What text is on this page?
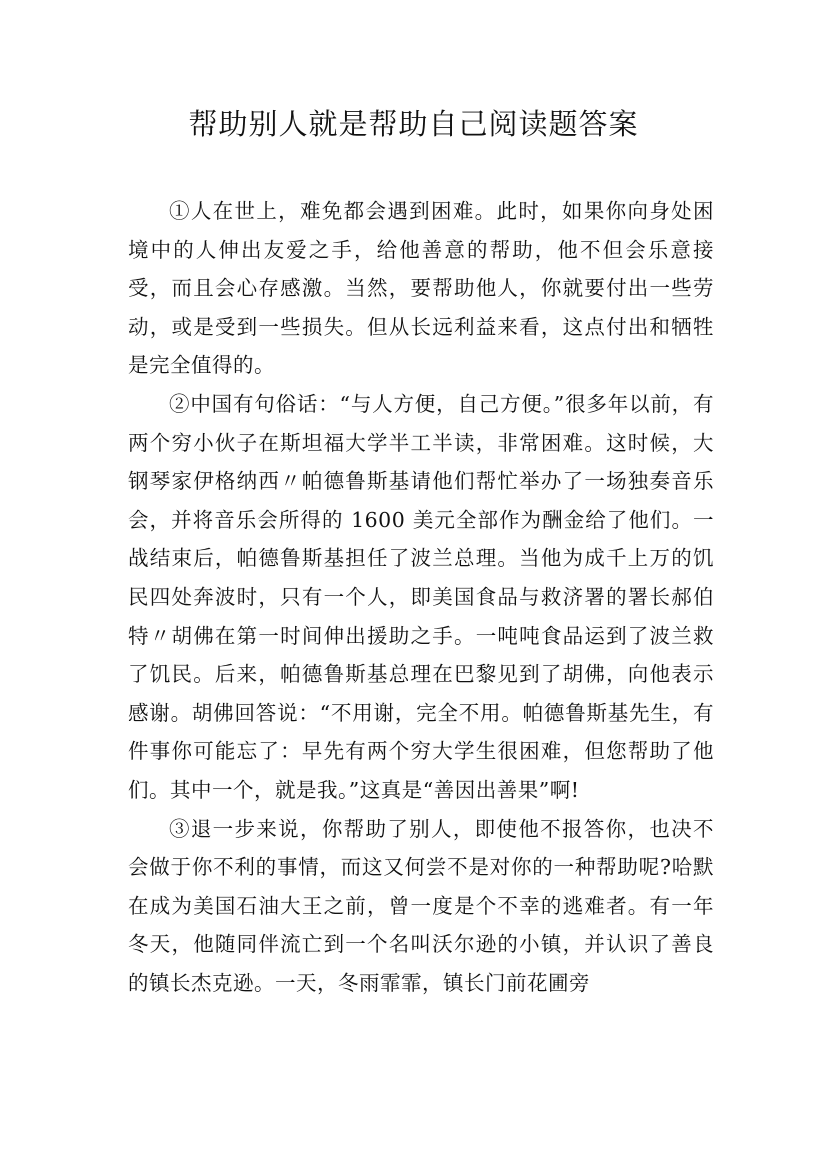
帮助别人就是帮助自己阅读题答案

①人在世上，难免都会遇到困难。此时，如果你向身处困境中的人伸出友爱之手，给他善意的帮助，他不但会乐意接受，而且会心存感激。当然，要帮助他人，你就要付出一些劳动，或是受到一些损失。但从长远利益来看，这点付出和牺牲是完全值得的。

②中国有句俗话：“与人方便，自己方便。”很多年以前，有两个穷小伙子在斯坦福大学半工半读，非常困难。这时候，大钢琴家伊格纳西〃帕德鲁斯基请他们帮忙举办了一场独奏音乐会，并将音乐会所得的 1600 美元全部作为酬金给了他们。一战结束后，帕德鲁斯基担任了波兰总理。当他为成千上万的饥民四处奔波时，只有一个人，即美国食品与救济署的署长郝伯特〃胡佛在第一时间伸出援助之手。一吨吨食品运到了波兰救了饥民。后来，帕德鲁斯基总理在巴黎见到了胡佛，向他表示感谢。胡佛回答说：“不用谢，完全不用。帕德鲁斯基先生，有件事你可能忘了：早先有两个穷大学生很困难，但您帮助了他们。其中一个，就是我。”这真是“善因出善果”啊!

③退一步来说，你帮助了别人，即使他不报答你，也决不会做于你不利的事情，而这又何尝不是对你的一种帮助呢?哈默在成为美国石油大王之前，曾一度是个不幸的逃难者。有一年冬天，他随同伴流亡到一个名叫沃尔逊的小镇，并认识了善良的镇长杰克逊。一天，冬雨霏霏，镇长门前花圃旁
